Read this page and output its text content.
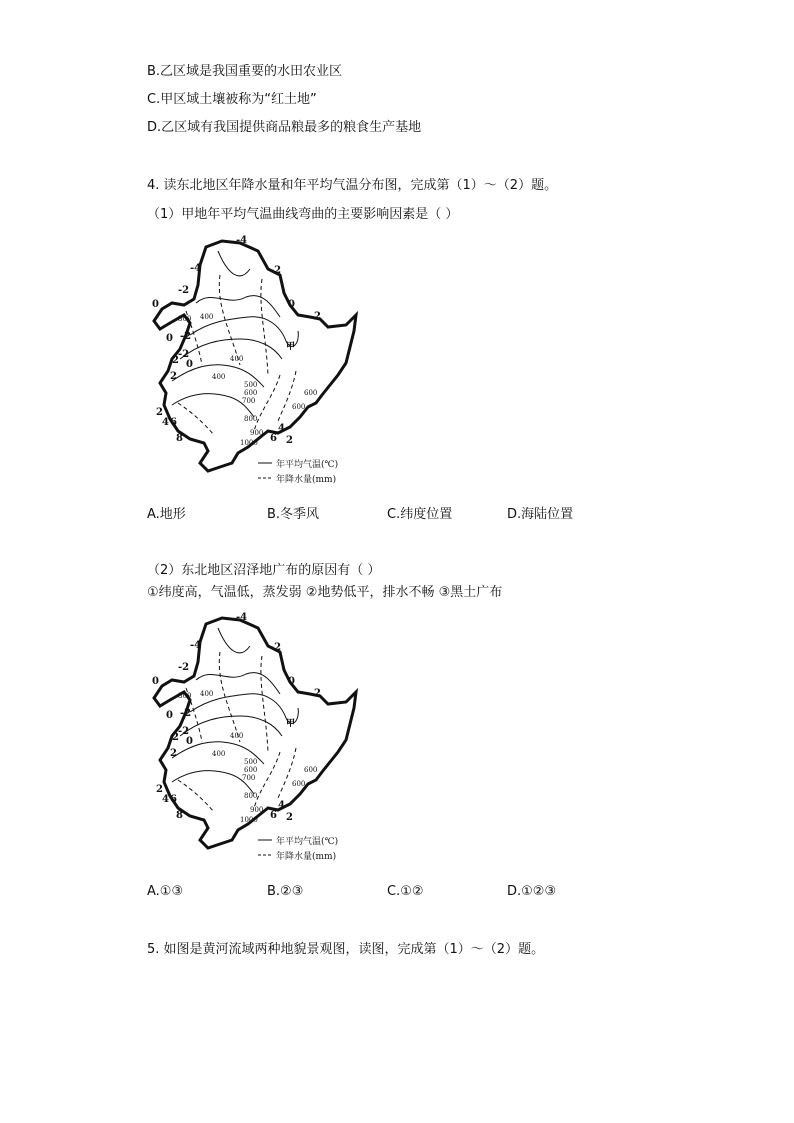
B.乙区域是我国重要的水田农业区
C.甲区域土壤被称为“红土地”
D.乙区域有我国提供商品粮最多的粮食生产基地
4. 读东北地区年降水量和年平均气温分布图，完成第（1）～（2）题。
（1）甲地年平均气温曲线弯曲的主要影响因素是（ ）
-4
-4	-2
-2
0	0
-2
-2
0
0
2
2
2
2
4 6
8	6
4
2
300 400
400
400
500
600
700
800
900
1000
600
600
甲
年平均气温(℃)
年降水量(mm)
A.地形	B.冬季风	C.纬度位置	D.海陆位置
（2）东北地区沼泽地广布的原因有（ ）
①纬度高，气温低，蒸发弱 ②地势低平，排水不畅 ③黑土广布
-4
-4	-2
-2
0	0
-2
-2
0
0
2
2
2
2
4 6
8	6
4
2
300 400
400
400
500
600
700
800
900
1000
600
600
甲
年平均气温(℃)
年降水量(mm)
A.①③	B.②③	C.①②	D.①②③
5. 如图是黄河流域两种地貌景观图，读图，完成第（1）～（2）题。
